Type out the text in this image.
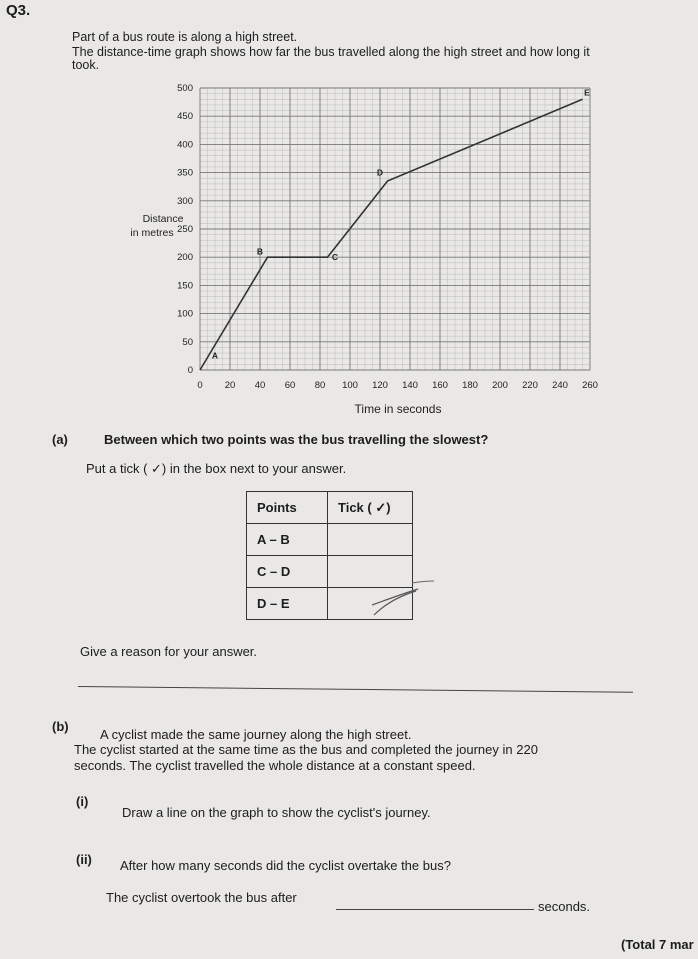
Q3.
Part of a bus route is along a high street.
The distance-time graph shows how far the bus travelled along the high street and how long it
took.
0
50
100
150
200
250
300
350
400
450
500
0 20 40 60 80 100 120 140 160 180 200 220 240 260
A
B
C
D
E
Distance
in metres
Time in seconds
(a)	Between which two points was the bus travelling the slowest?
Put a tick ( ✓) in the box next to your answer.
Points	Tick ( ✓)
A – B	
C – D	
D – E	
Give a reason for your answer.
(b)
A cyclist made the same journey along the high street.
The cyclist started at the same time as the bus and completed the journey in 220
seconds. The cyclist travelled the whole distance at a constant speed.
(i)
Draw a line on the graph to show the cyclist's journey.
(ii) After how many seconds did the cyclist overtake the bus?
The cyclist overtook the bus after
seconds.
(Total 7 mar
